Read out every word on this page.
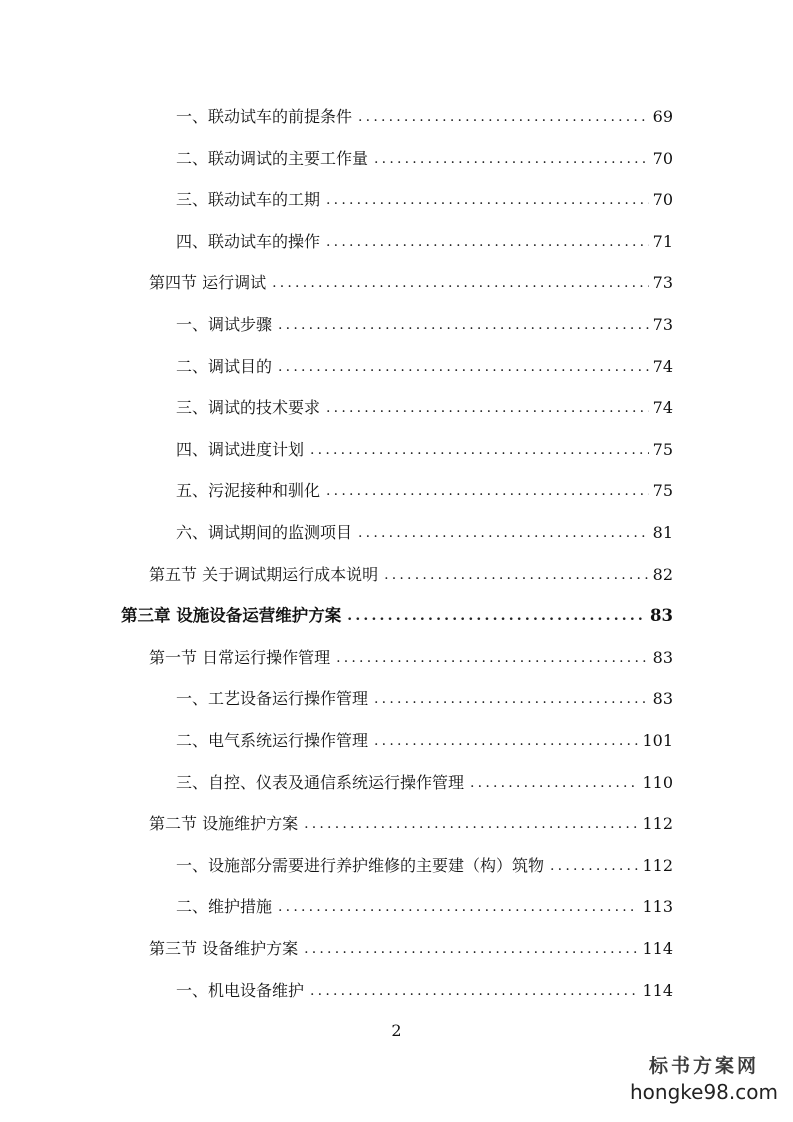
一、联动试车的前提条件 .....	69
二、联动调试的主要工作量 .....	70
三、联动试车的工期 .....	70
四、联动试车的操作 .....	71
第四节 运行调试 .....	73
一、调试步骤 .....	73
二、调试目的 .....	74
三、调试的技术要求 .....	74
四、调试进度计划 .....	75
五、污泥接种和驯化 .....	75
六、调试期间的监测项目 .....	81
第五节 关于调试期运行成本说明 .....	82
第三章 设施设备运营维护方案 .....	83
第一节 日常运行操作管理 .....	83
一、工艺设备运行操作管理 .....	83
二、电气系统运行操作管理 .....	101
三、自控、仪表及通信系统运行操作管理 .....	110
第二节 设施维护方案 .....	112
一、设施部分需要进行养护维修的主要建（构）筑物 .....	112
二、维护措施 .....	113
第三节 设备维护方案 .....	114
一、机电设备维护 .....	114
2
标书方案网
hongke98.com
